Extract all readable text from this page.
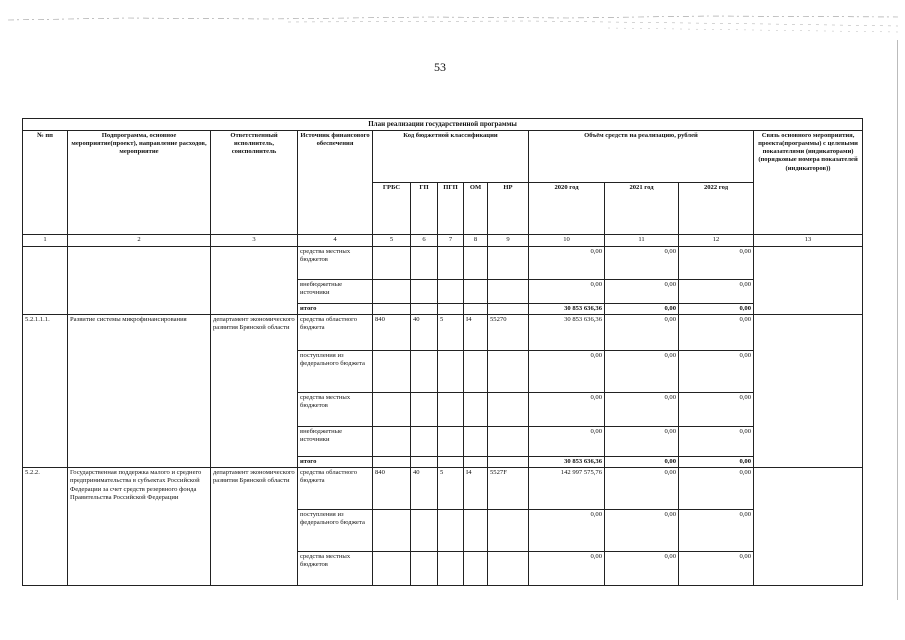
53
План реализации государственной программы												
№ пп	Подпрограмма, основное мероприятие(проект), направление расходов, мероприятие	Ответственный исполнитель, соисполнитель	Источник финансового обеспечения	Код бюджетной классификации					Объём средств на реализацию, рублей			Связь основного мероприятия, проекта(программы) с целевыми показателями (индикаторами) (порядковые номера показателей (индикаторов))
				ГРБС	ГП	ПГП	ОМ	НР	2020 год	2021 год	2022 год	
1	2	3	4	5	6	7	8	9	10	11	12	13
			средства местных бюджетов						0,00	0,00	0,00	
			внебюджетные источники						0,00	0,00	0,00	
			итого						30 853 636,36	0,00	0,00	
5.2.1.1.1.	Развитие системы микрофинансирования	департамент экономического развития Брянской области	средства областного бюджета	840	40	5	I4	55270	30 853 636,36	0,00	0,00	
			поступления из федерального бюджета						0,00	0,00	0,00	
			средства местных бюджетов						0,00	0,00	0,00	
			внебюджетные источники						0,00	0,00	0,00	
			итого						30 853 636,36	0,00	0,00	
5.2.2.	Государственная поддержка малого и среднего предпринимательства в субъектах Российской Федерации за счет средств резервного фонда Правительства Российской Федерации	департамент экономического развития Брянской области	средства областного бюджета	840	40	5	I4	5527F	142 997 575,76	0,00	0,00	
			поступления из федерального бюджета						0,00	0,00	0,00	
			средства местных бюджетов						0,00	0,00	0,00	
